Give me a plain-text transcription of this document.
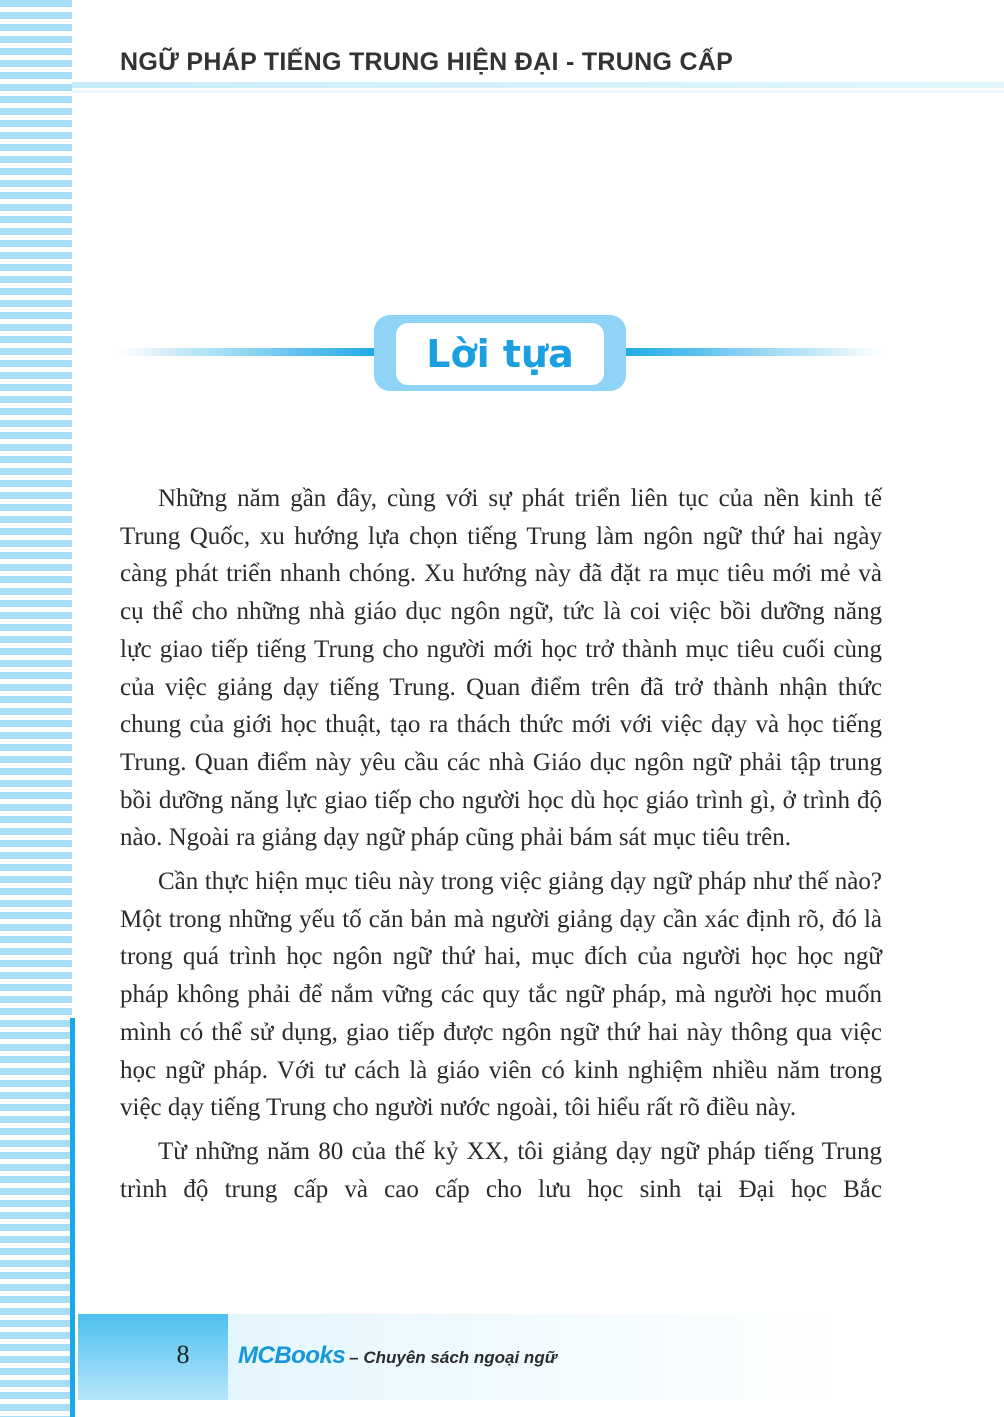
NGỮ PHÁP TIẾNG TRUNG HIỆN ĐẠI - TRUNG CẤP
Lời tựa

Những năm gần đây, cùng với sự phát triển liên tục của nền kinh tế Trung Quốc, xu hướng lựa chọn tiếng Trung làm ngôn ngữ thứ hai ngày càng phát triển nhanh chóng. Xu hướng này đã đặt ra mục tiêu mới mẻ và cụ thể cho những nhà giáo dục ngôn ngữ, tức là coi việc bồi dưỡng năng lực giao tiếp tiếng Trung cho người mới học trở thành mục tiêu cuối cùng của việc giảng dạy tiếng Trung. Quan điểm trên đã trở thành nhận thức chung của giới học thuật, tạo ra thách thức mới với việc dạy và học tiếng Trung. Quan điểm này yêu cầu các nhà Giáo dục ngôn ngữ phải tập trung bồi dưỡng năng lực giao tiếp cho người học dù học giáo trình gì, ở trình độ nào. Ngoài ra giảng dạy ngữ pháp cũng phải bám sát mục tiêu trên.

Cần thực hiện mục tiêu này trong việc giảng dạy ngữ pháp như thế nào? Một trong những yếu tố căn bản mà người giảng dạy cần xác định rõ, đó là trong quá trình học ngôn ngữ thứ hai, mục đích của người học học ngữ pháp không phải để nắm vững các quy tắc ngữ pháp, mà người học muốn mình có thể sử dụng, giao tiếp được ngôn ngữ thứ hai này thông qua việc học ngữ pháp. Với tư cách là giáo viên có kinh nghiệm nhiều năm trong việc dạy tiếng Trung cho người nước ngoài, tôi hiểu rất rõ điều này.

Từ những năm 80 của thế kỷ XX, tôi giảng dạy ngữ pháp tiếng Trung trình độ trung cấp và cao cấp cho lưu học sinh tại Đại học Bắc

8	MCBooks – Chuyên sách ngoại ngữ
